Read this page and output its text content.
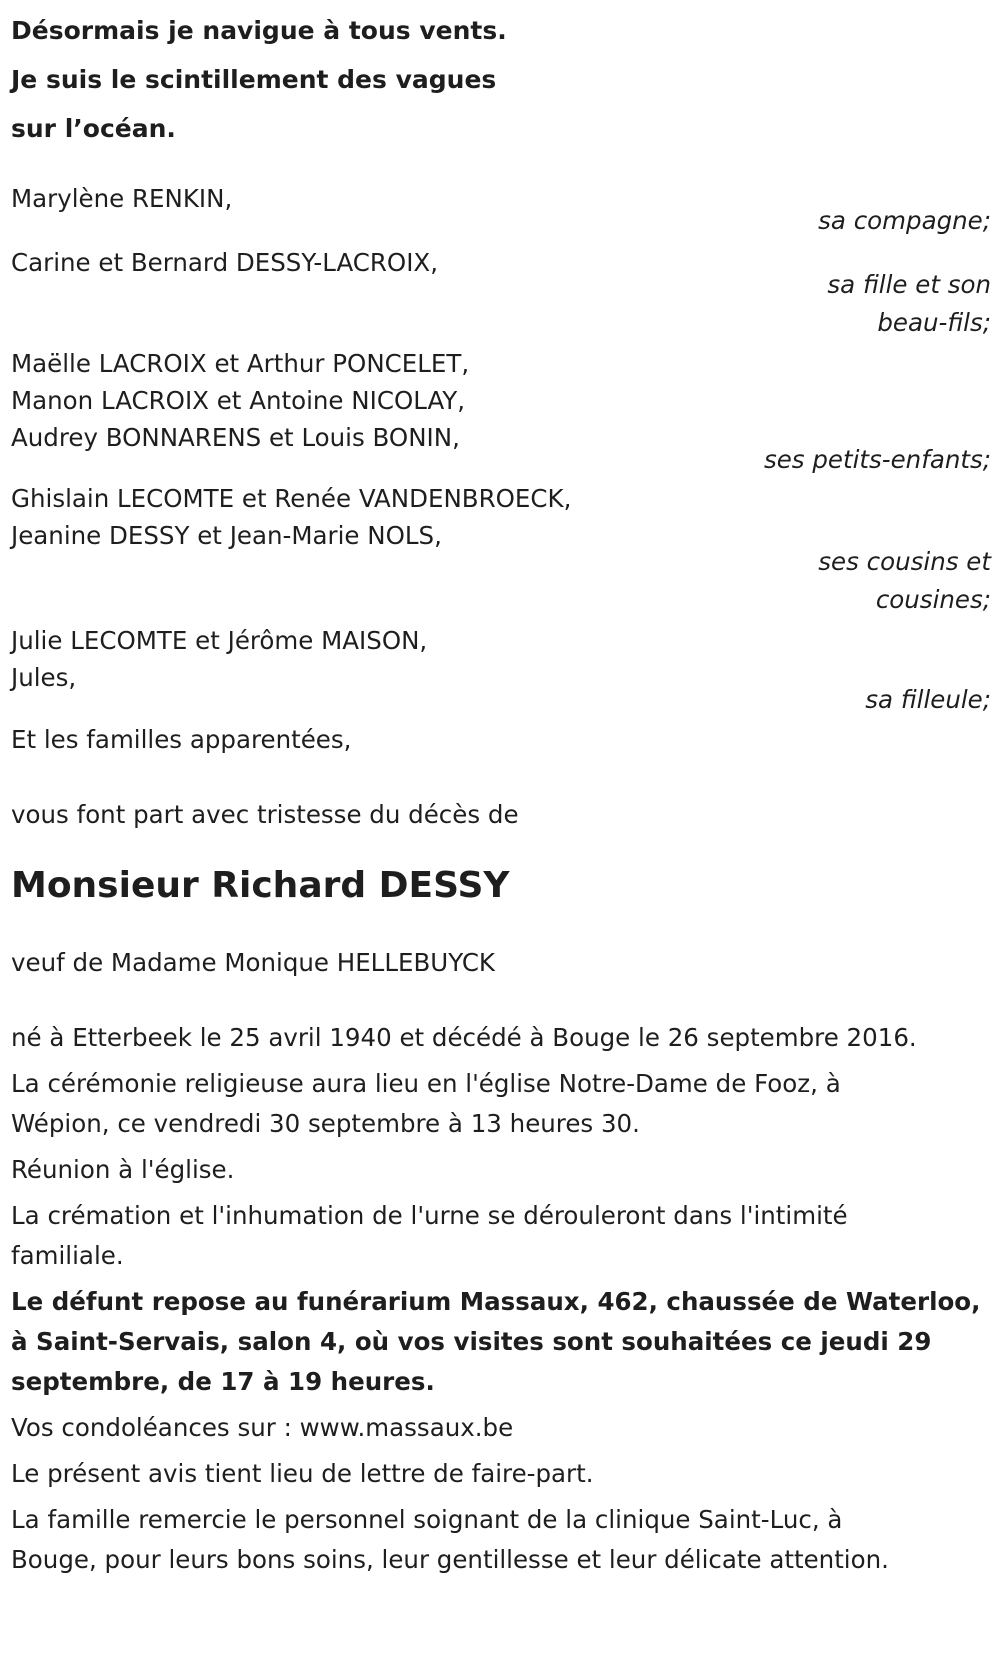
Désormais je navigue à tous vents.

Je suis le scintillement des vagues

sur l’océan.

Marylène RENKIN,

sa compagne;

Carine et Bernard DESSY-LACROIX,

sa fille et son

beau-fils;

Maëlle LACROIX et Arthur PONCELET,

Manon LACROIX et Antoine NICOLAY,

Audrey BONNARENS et Louis BONIN,

ses petits-enfants;

Ghislain LECOMTE et Renée VANDENBROECK,

Jeanine DESSY et Jean-Marie NOLS,

ses cousins et

cousines;

Julie LECOMTE et Jérôme MAISON,

Jules,

sa filleule;

Et les familles apparentées,

vous font part avec tristesse du décès de

Monsieur Richard DESSY

veuf de Madame Monique HELLEBUYCK

né à Etterbeek le 25 avril 1940 et décédé à Bouge le 26 septembre 2016.

La cérémonie religieuse aura lieu en l'église Notre-Dame de Fooz, à

Wépion, ce vendredi 30 septembre à 13 heures 30.

Réunion à l'église.

La crémation et l'inhumation de l'urne se dérouleront dans l'intimité

familiale.

Le défunt repose au funérarium Massaux, 462, chaussée de Waterloo,

à Saint-Servais, salon 4, où vos visites sont souhaitées ce jeudi 29

septembre, de 17 à 19 heures.

Vos condoléances sur : www.massaux.be

Le présent avis tient lieu de lettre de faire-part.

La famille remercie le personnel soignant de la clinique Saint-Luc, à

Bouge, pour leurs bons soins, leur gentillesse et leur délicate attention.
